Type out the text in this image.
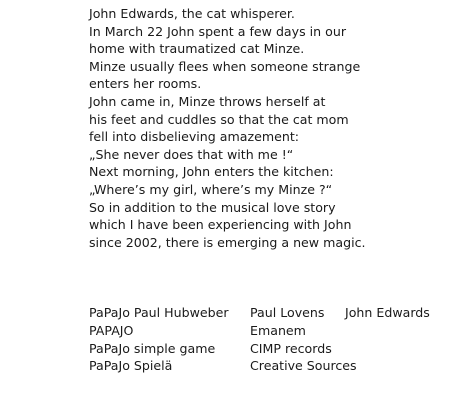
John Edwards, the cat whisperer.
In March 22 John spent a few days in our
home with traumatized cat Minze.
Minze usually flees when someone strange
enters her rooms.
John came in, Minze throws herself at
his feet and cuddles so that the cat mom
fell into disbelieving amazement:
„She never does that with me !“
Next morning, John enters the kitchen:
„Where’s my girl, where’s my Minze ?“
So in addition to the musical love story
which I have been experiencing with John
since 2002, there is emerging a new magic.
PaPaJo Paul Hubweber
PAPAJO
PaPaJo simple game
PaPaJo Spielä
Paul Lovens
Emanem
CIMP records
Creative Sources
John Edwards
